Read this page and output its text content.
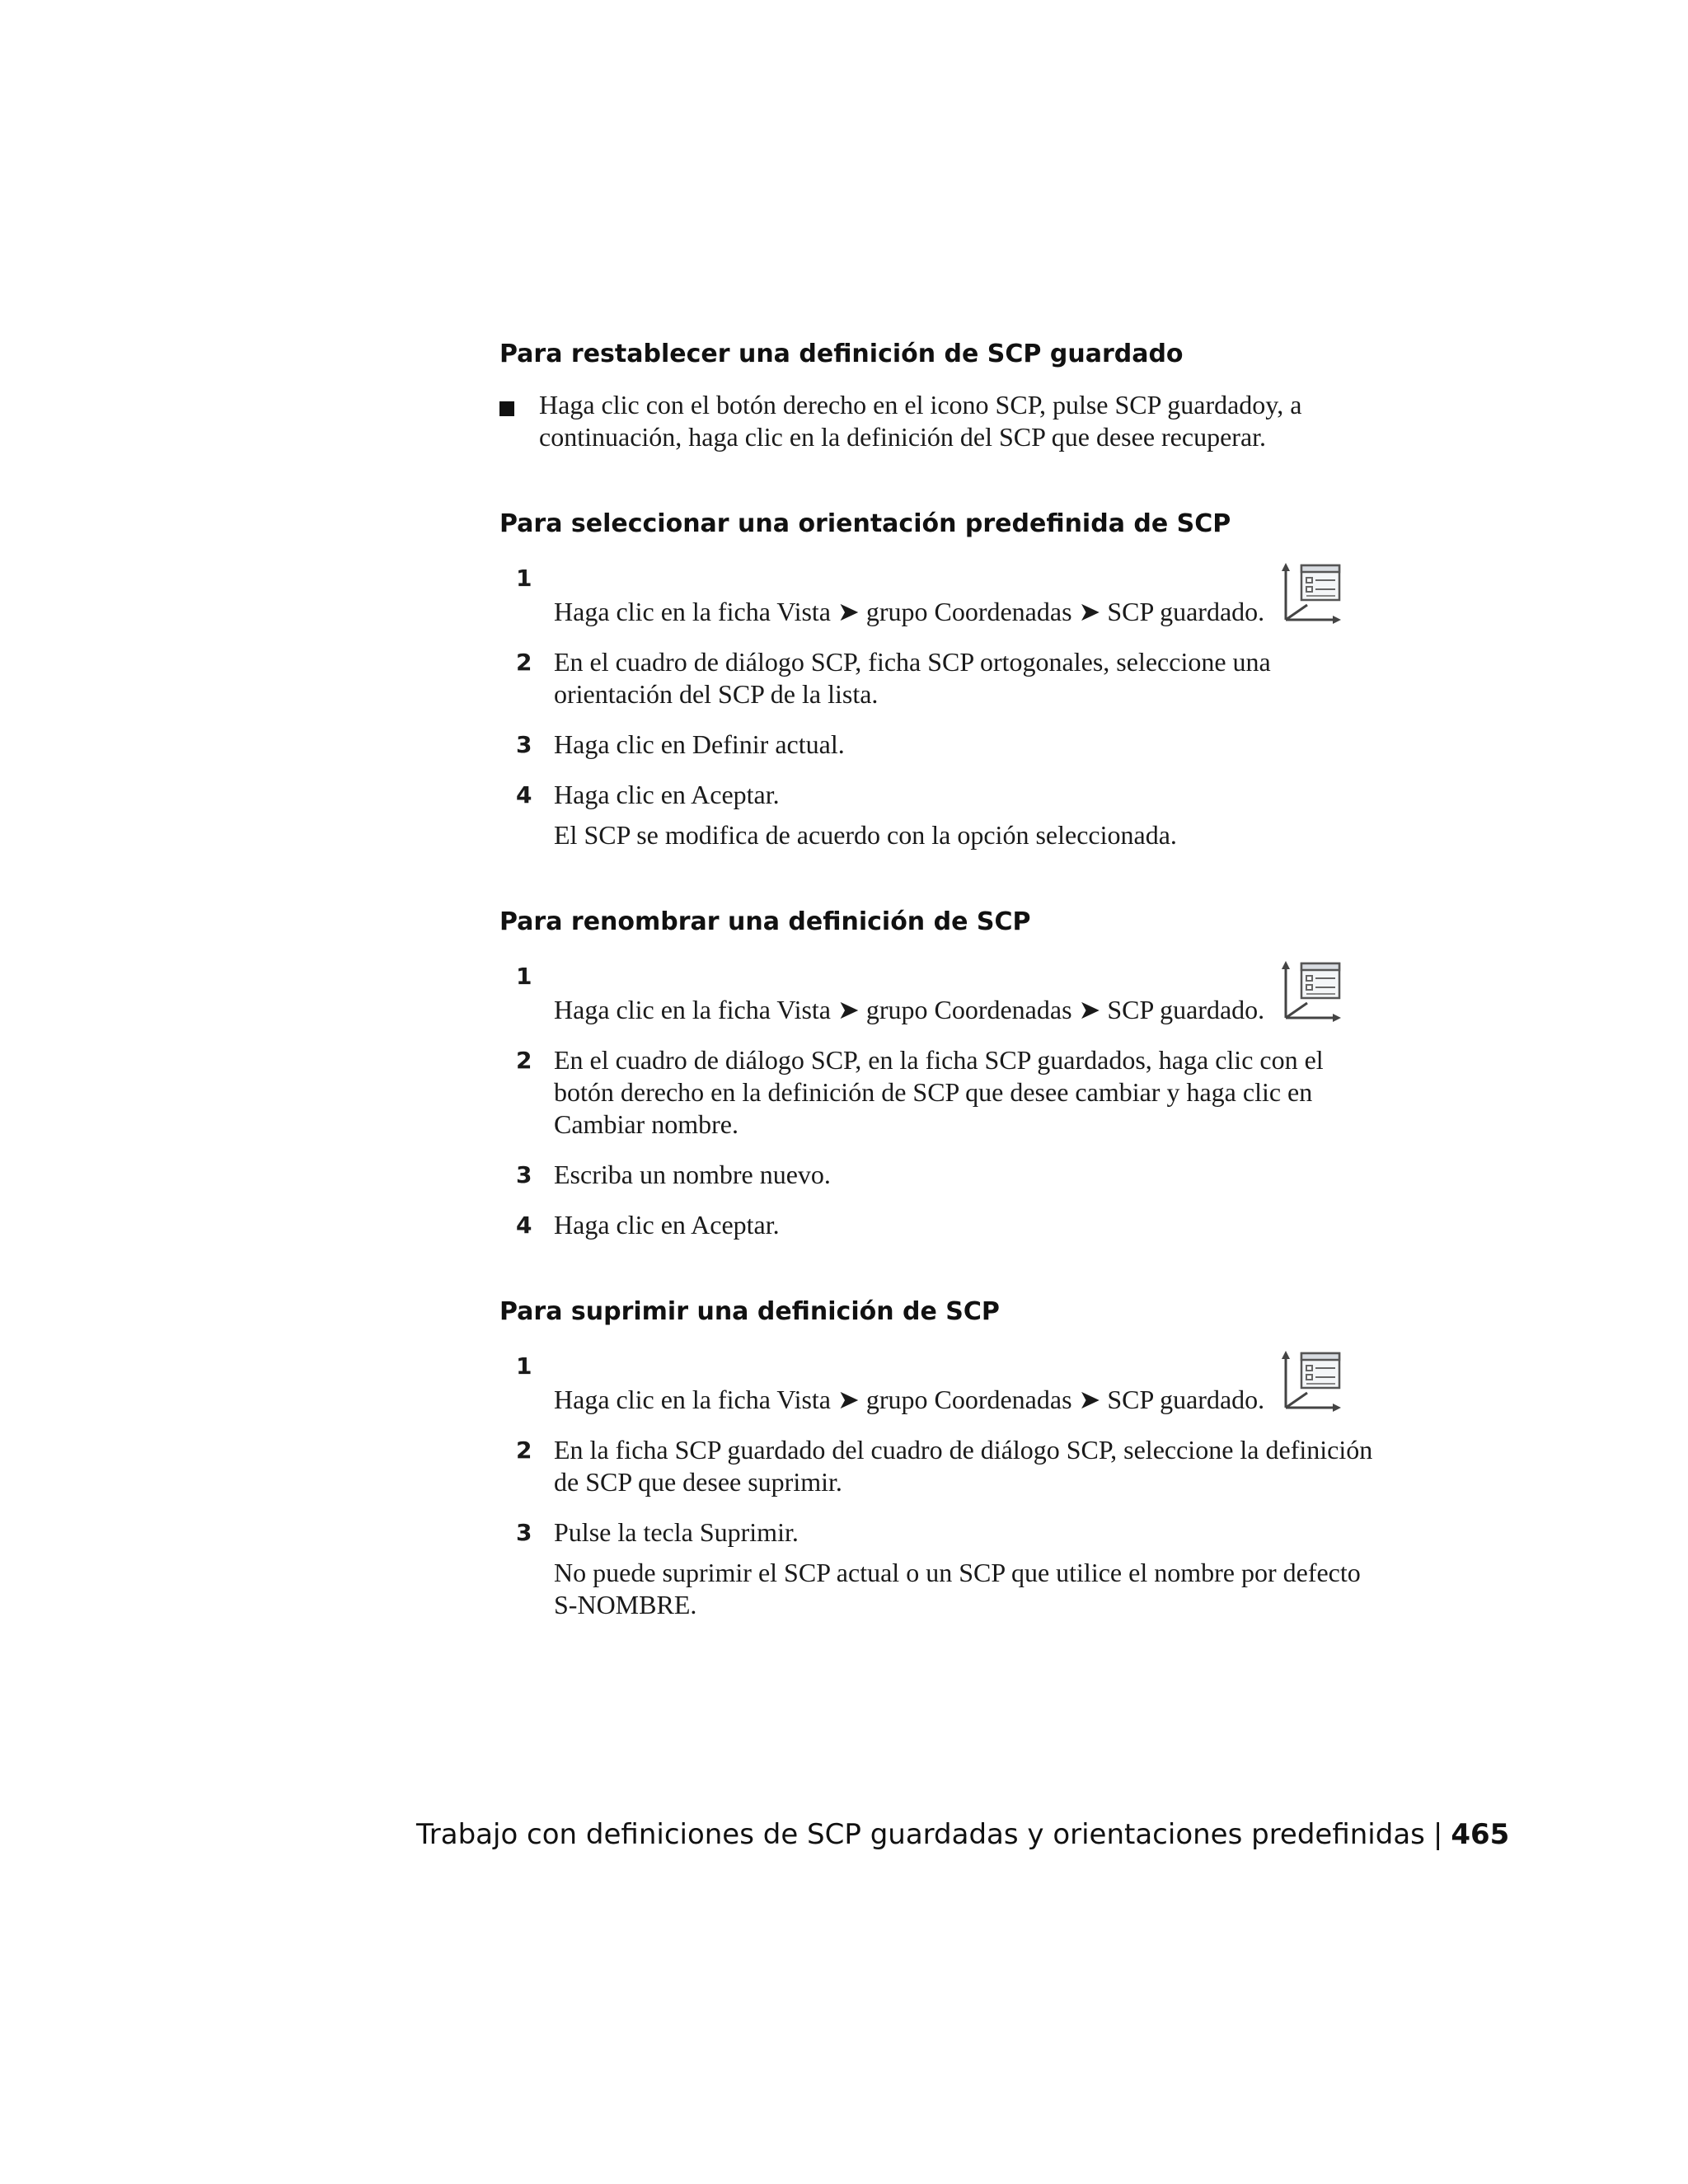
Para restablecer una definición de SCP guardado
Haga clic con el botón derecho en el icono SCP, pulse SCP guardadoy, a continuación, haga clic en la definición del SCP que desee recuperar.
Para seleccionar una orientación predefinida de SCP
1
Haga clic en la ficha Vista ➤ grupo Coordenadas ➤ SCP guardado.
2 En el cuadro de diálogo SCP, ficha SCP ortogonales, seleccione una orientación del SCP de la lista.
3 Haga clic en Definir actual.
4 Haga clic en Aceptar.
El SCP se modifica de acuerdo con la opción seleccionada.
Para renombrar una definición de SCP
1
Haga clic en la ficha Vista ➤ grupo Coordenadas ➤ SCP guardado.
2 En el cuadro de diálogo SCP, en la ficha SCP guardados, haga clic con el botón derecho en la definición de SCP que desee cambiar y haga clic en Cambiar nombre.
3 Escriba un nombre nuevo.
4 Haga clic en Aceptar.
Para suprimir una definición de SCP
1
Haga clic en la ficha Vista ➤ grupo Coordenadas ➤ SCP guardado.
2 En la ficha SCP guardado del cuadro de diálogo SCP, seleccione la definición de SCP que desee suprimir.
3 Pulse la tecla Suprimir.
No puede suprimir el SCP actual o un SCP que utilice el nombre por defecto S-NOMBRE.
Trabajo con definiciones de SCP guardadas y orientaciones predefinidas | 465
